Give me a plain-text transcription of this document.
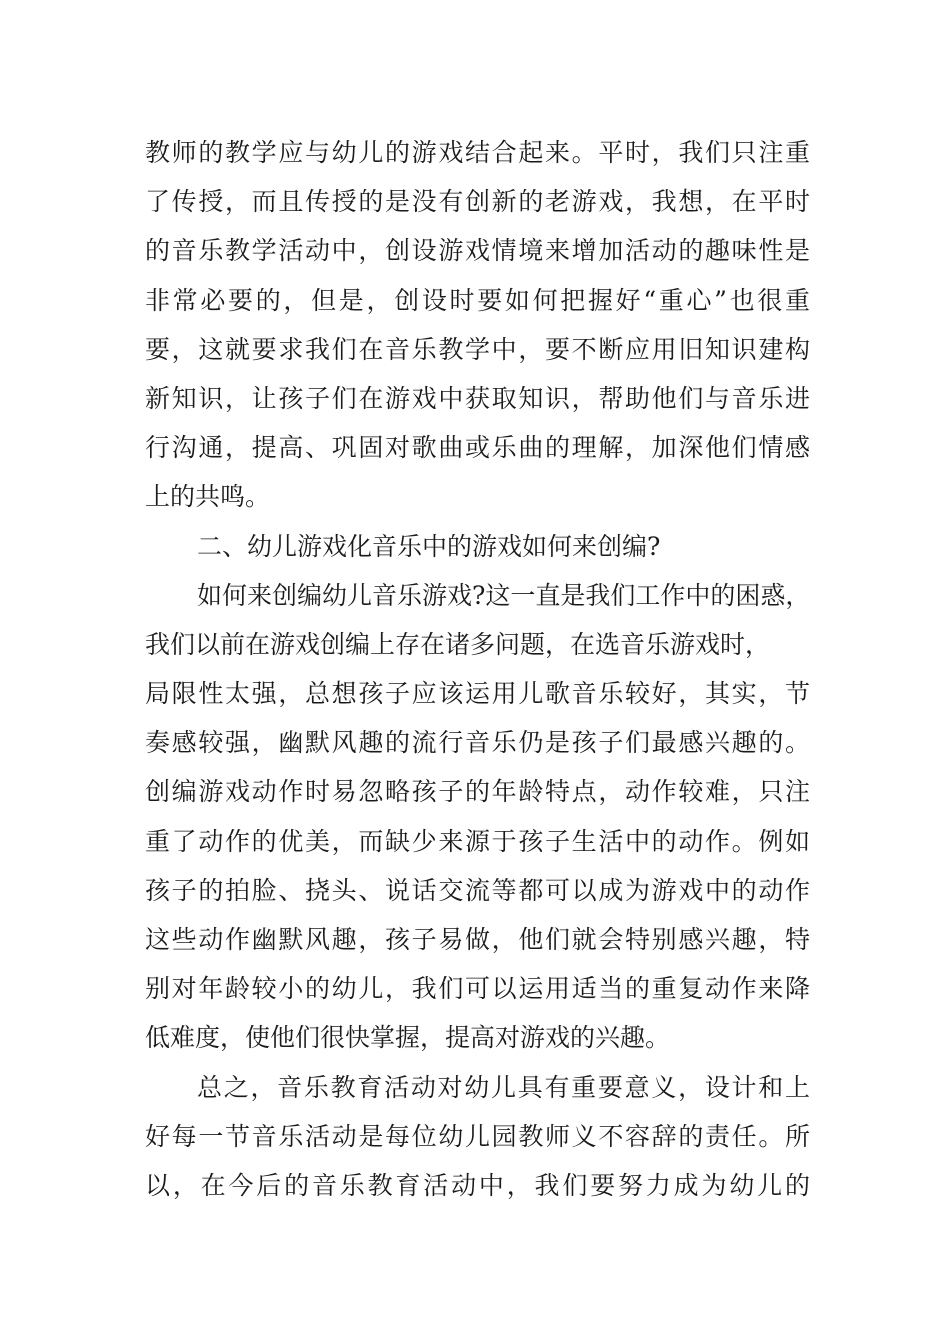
教师的教学应与幼儿的游戏结合起来。平时，我们只注重
了传授，而且传授的是没有创新的老游戏，我想，在平时
的音乐教学活动中，创设游戏情境来增加活动的趣味性是
非常必要的，但是，创设时要如何把握好“重心”也很重
要，这就要求我们在音乐教学中，要不断应用旧知识建构
新知识，让孩子们在游戏中获取知识，帮助他们与音乐进
行沟通，提高、巩固对歌曲或乐曲的理解，加深他们情感
上的共鸣。
二、幼儿游戏化音乐中的游戏如何来创编?
如何来创编幼儿音乐游戏?这一直是我们工作中的困惑，
我们以前在游戏创编上存在诸多问题，在选音乐游戏时，
局限性太强，总想孩子应该运用儿歌音乐较好，其实，节
奏感较强，幽默风趣的流行音乐仍是孩子们最感兴趣的。
创编游戏动作时易忽略孩子的年龄特点，动作较难，只注
重了动作的优美，而缺少来源于孩子生活中的动作。例如
孩子的拍脸、挠头、说话交流等都可以成为游戏中的动作
这些动作幽默风趣，孩子易做，他们就会特别感兴趣，特
别对年龄较小的幼儿，我们可以运用适当的重复动作来降
低难度，使他们很快掌握，提高对游戏的兴趣。
总之，音乐教育活动对幼儿具有重要意义，设计和上
好每一节音乐活动是每位幼儿园教师义不容辞的责任。所
以，在今后的音乐教育活动中，我们要努力成为幼儿的
